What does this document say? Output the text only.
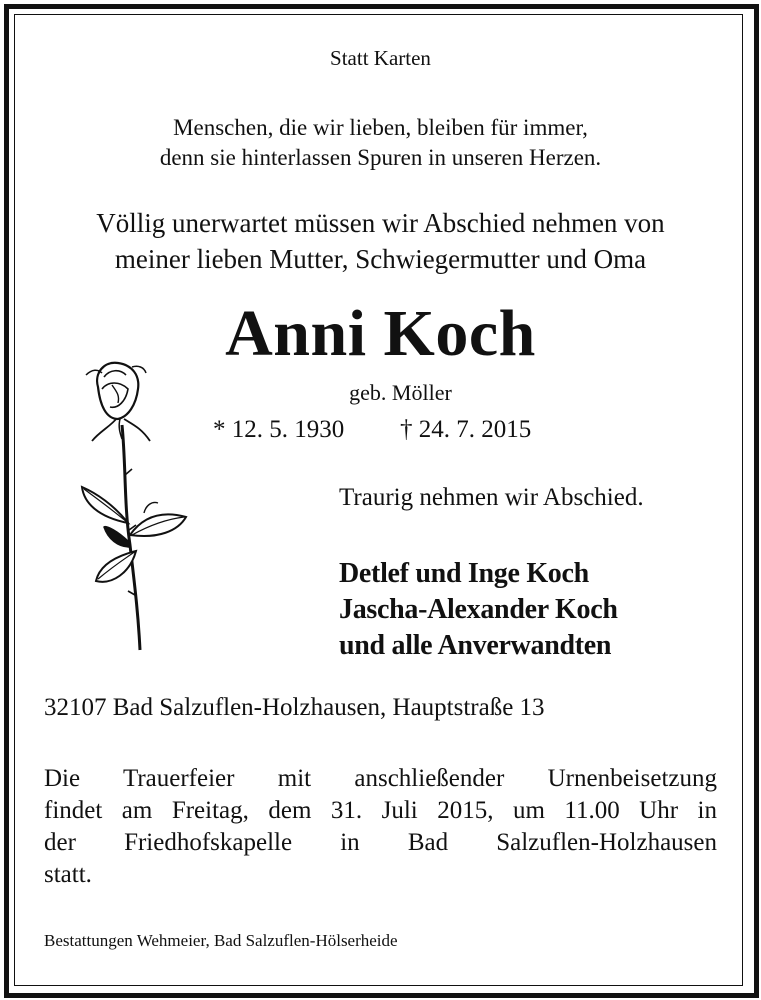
Statt Karten
Menschen, die wir lieben, bleiben für immer,
denn sie hinterlassen Spuren in unseren Herzen.
Völlig unerwartet müssen wir Abschied nehmen von
meiner lieben Mutter, Schwiegermutter und Oma
Anni Koch
geb. Möller
* 12. 5. 1930 † 24. 7. 2015
Traurig nehmen wir Abschied.
Detlef und Inge Koch
Jascha-Alexander Koch
und alle Anverwandten
32107 Bad Salzuflen-Holzhausen, Hauptstraße 13
Die Trauerfeier mit anschließender Urnenbeisetzung
findet am Freitag, dem 31. Juli 2015, um 11.00 Uhr in
der Friedhofskapelle in Bad Salzuflen-Holzhausen
statt.
Bestattungen Wehmeier, Bad Salzuflen-Hölserheide
